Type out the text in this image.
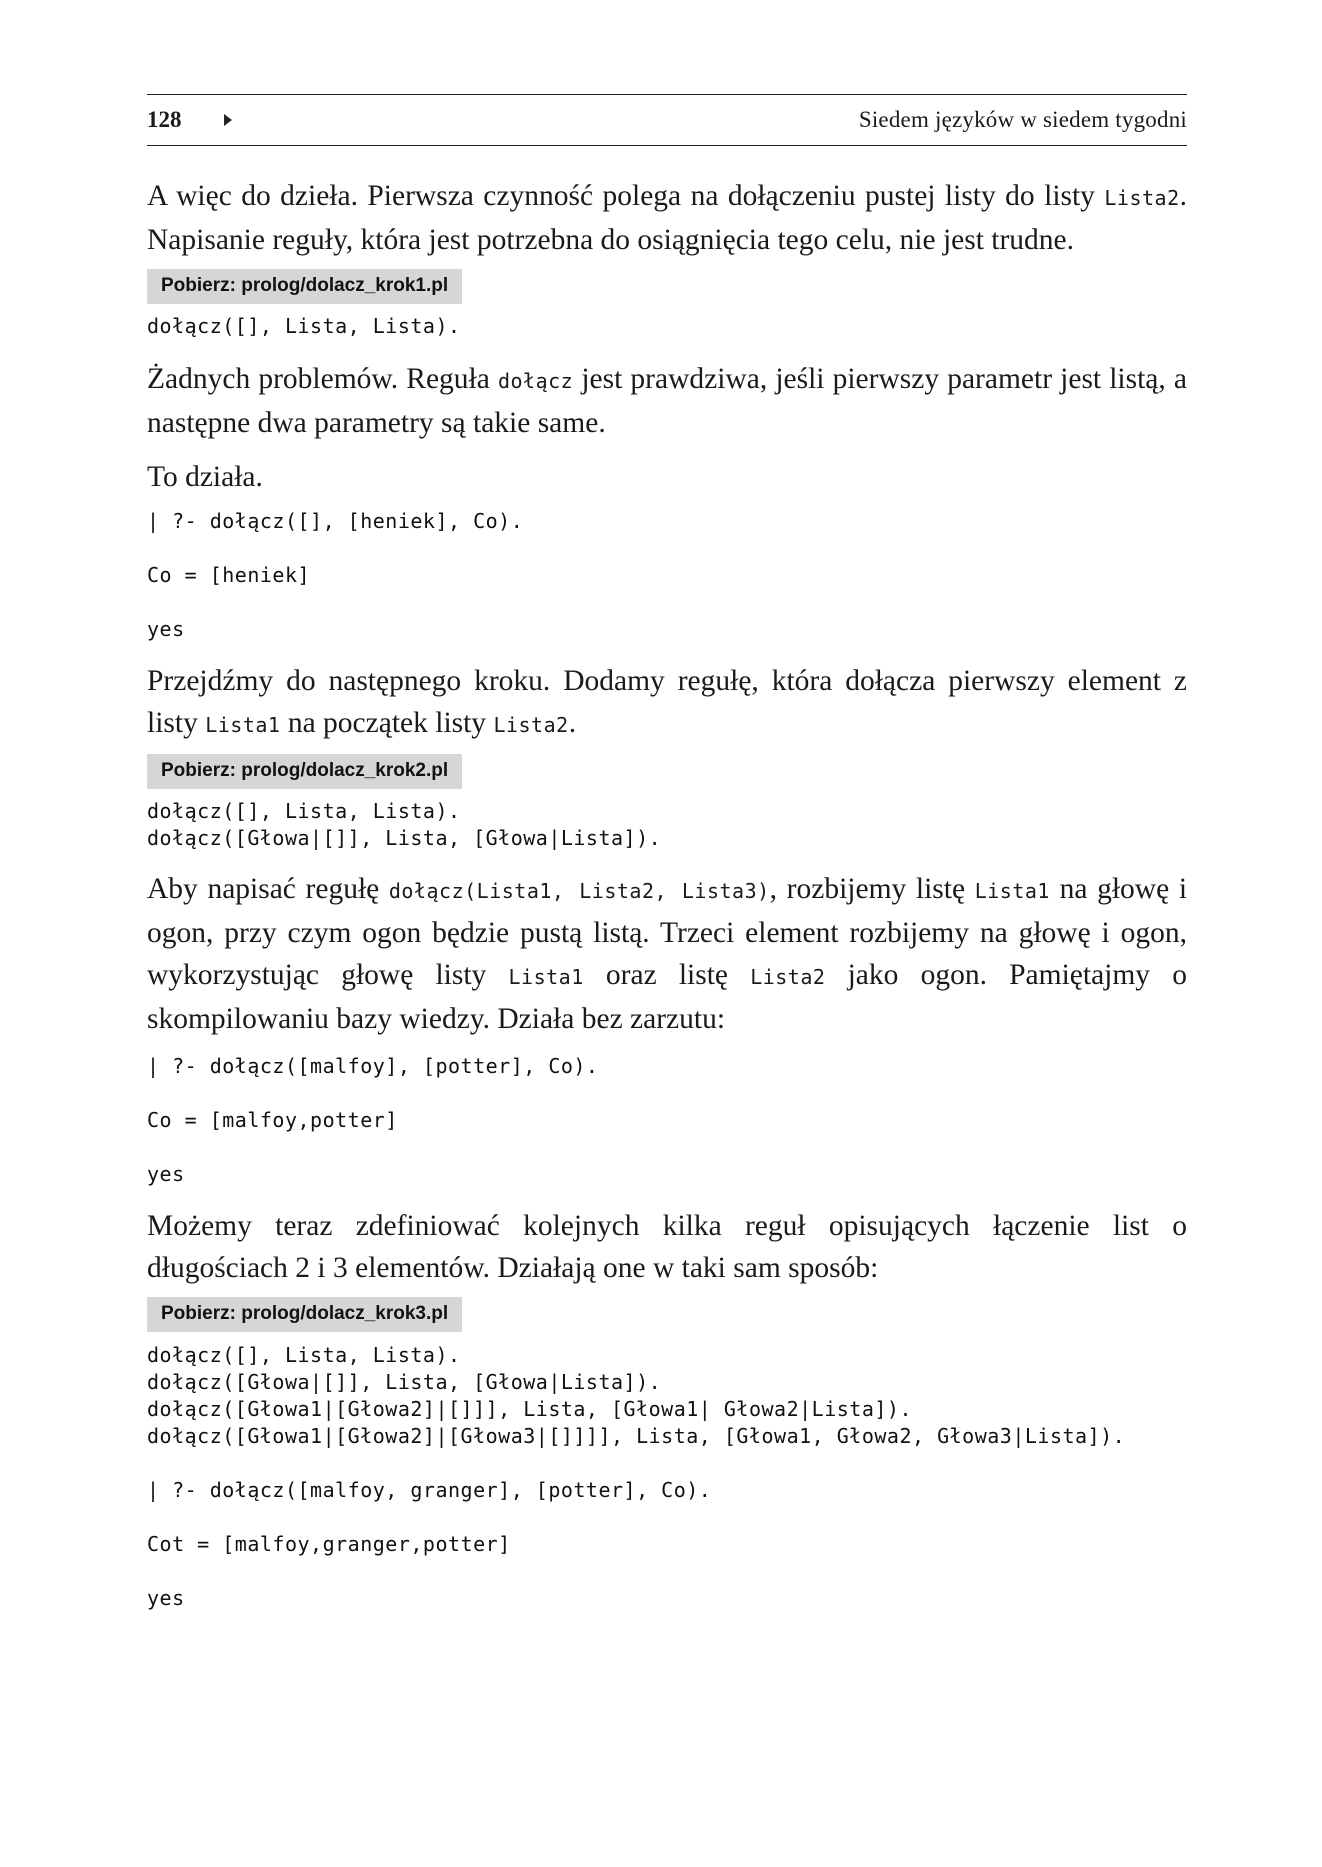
128	Siedem języków w siedem tygodni

A więc do dzieła. Pierwsza czynność polega na dołączeniu pustej listy do listy Lista2. Napisanie reguły, która jest potrzebna do osiągnięcia tego celu, nie jest trudne.

Pobierz: prolog/dolacz_krok1.pl
dołącz([], Lista, Lista).

Żadnych problemów. Reguła dołącz jest prawdziwa, jeśli pierwszy parametr jest listą, a następne dwa parametry są takie same.

To działa.

| ?- dołącz([], [heniek], Co).
Co = [heniek]
yes

Przejdźmy do następnego kroku. Dodamy regułę, która dołącza pierwszy element z listy Lista1 na początek listy Lista2.

Pobierz: prolog/dolacz_krok2.pl
dołącz([], Lista, Lista).
dołącz([Głowa|[]], Lista, [Głowa|Lista]).

Aby napisać regułę dołącz(Lista1, Lista2, Lista3), rozbijemy listę Lista1 na głowę i ogon, przy czym ogon będzie pustą listą. Trzeci element rozbijemy na głowę i ogon, wykorzystując głowę listy Lista1 oraz listę Lista2 jako ogon. Pamiętajmy o skompilowaniu bazy wiedzy. Działa bez zarzutu:

| ?- dołącz([malfoy], [potter], Co).
Co = [malfoy,potter]
yes

Możemy teraz zdefiniować kolejnych kilka reguł opisujących łączenie list o długościach 2 i 3 elementów. Działają one w taki sam sposób:

Pobierz: prolog/dolacz_krok3.pl
dołącz([], Lista, Lista).
dołącz([Głowa|[]], Lista, [Głowa|Lista]).
dołącz([Głowa1|[Głowa2]|[]]], Lista, [Głowa1| Głowa2|Lista]).
dołącz([Głowa1|[Głowa2]|[Głowa3|[]]]], Lista, [Głowa1, Głowa2, Głowa3|Lista]).
| ?- dołącz([malfoy, granger], [potter], Co).
Cot = [malfoy,granger,potter]
yes
